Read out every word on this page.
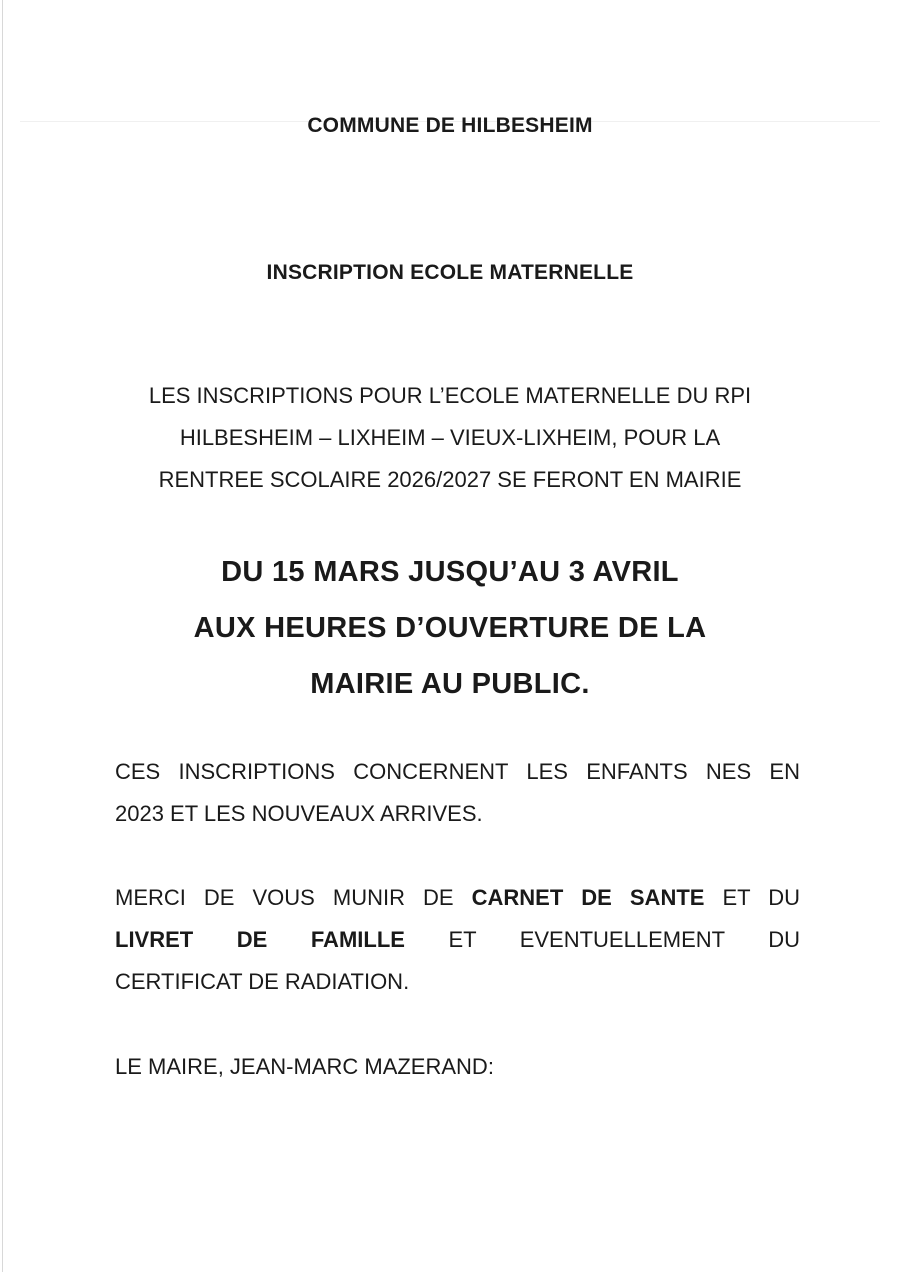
COMMUNE DE HILBESHEIM
INSCRIPTION ECOLE MATERNELLE
LES INSCRIPTIONS POUR L’ECOLE MATERNELLE DU RPI
HILBESHEIM – LIXHEIM – VIEUX-LIXHEIM, POUR LA
RENTREE SCOLAIRE 2026/2027 SE FERONT EN MAIRIE
DU 15 MARS JUSQU’AU 3 AVRIL
AUX HEURES D’OUVERTURE DE LA
MAIRIE AU PUBLIC.
CES INSCRIPTIONS CONCERNENT LES ENFANTS NES EN
2023 ET LES NOUVEAUX ARRIVES.
MERCI DE VOUS MUNIR DE CARNET DE SANTE ET DU
LIVRET DE FAMILLE ET EVENTUELLEMENT DU
CERTIFICAT DE RADIATION.
LE MAIRE, JEAN-MARC MAZERAND:
